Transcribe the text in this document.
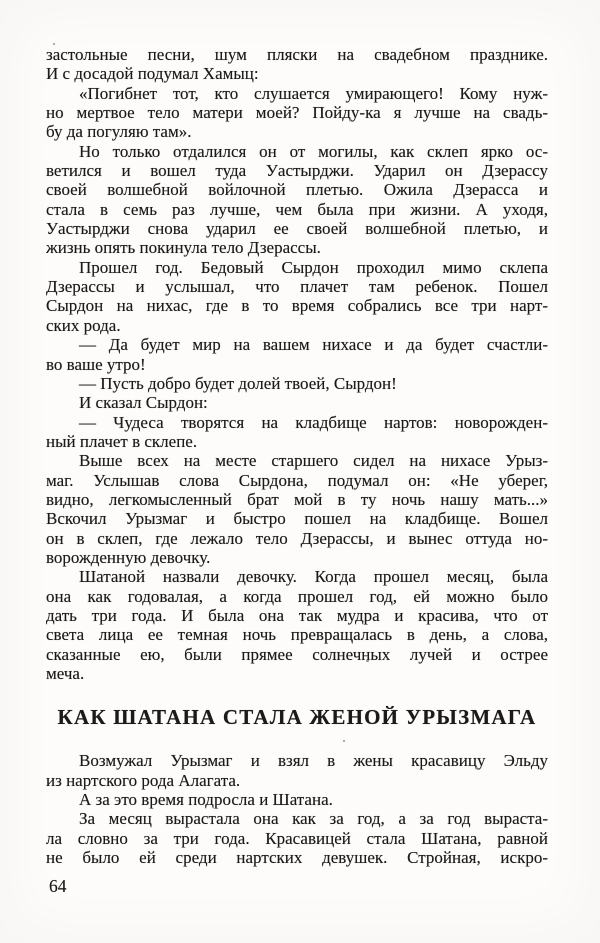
застольные песни, шум пляски на свадебном празднике.
И с досадой подумал Хамыц:
«Погибнет тот, кто слушается умирающего! Кому нуж-
но мертвое тело матери моей? Пойду-ка я лучше на свадь-
бу да погуляю там».
Но только отдалился он от могилы, как склеп ярко ос-
ветился и вошел туда Уастырджи. Ударил он Дзерассу
своей волшебной войлочной плетью. Ожила Дзерасса и
стала в семь раз лучше, чем была при жизни. А уходя,
Уастырджи снова ударил ее своей волшебной плетью, и
жизнь опять покинула тело Дзерассы.
Прошел год. Бедовый Сырдон проходил мимо склепа
Дзерассы и услышал, что плачет там ребенок. Пошел
Сырдон на нихас, где в то время собрались все три нарт-
ских рода.
— Да будет мир на вашем нихасе и да будет счастли-
во ваше утро!
— Пусть добро будет долей твоей, Сырдон!
И сказал Сырдон:
— Чудеса творятся на кладбище нартов: новорожден-
ный плачет в склепе.
Выше всех на месте старшего сидел на нихасе Урыз-
маг. Услышав слова Сырдона, подумал он: «Не уберег,
видно, легкомысленный брат мой в ту ночь нашу мать...»
Вскочил Урызмаг и быстро пошел на кладбище. Вошел
он в склеп, где лежало тело Дзерассы, и вынес оттуда но-
ворожденную девочку.
Шатаной назвали девочку. Когда прошел месяц, была
она как годовалая, а когда прошел год, ей можно было
дать три года. И была она так мудра и красива, что от
света лица ее темная ночь превращалась в день, а слова,
сказанные ею, были прямее солнечных лучей и острее
меча.
КАК ШАТАНА СТАЛА ЖЕНОЙ УРЫЗМАГА
Возмужал Урызмаг и взял в жены красавицу Эльду
из нартского рода Алагата.
А за это время подросла и Шатана.
За месяц вырастала она как за год, а за год выраста-
ла словно за три года. Красавицей стала Шатана, равной
не было ей среди нартских девушек. Стройная, искро-
64
